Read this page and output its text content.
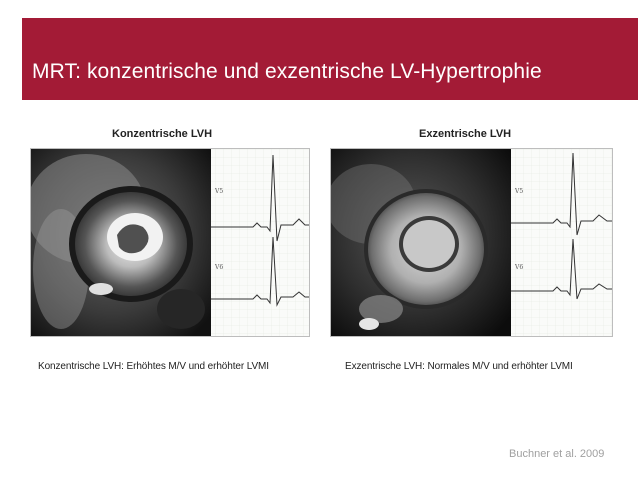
MRT: konzentrische und exzentrische LV-Hypertrophie
Konzentrische LVH	Exzentrische LVH
V5
V6
V5
V6
Konzentrische LVH: Erhöhtes M/V und erhöhter LVMI	Exzentrische LVH: Normales M/V und erhöhter LVMI
Buchner et al. 2009
